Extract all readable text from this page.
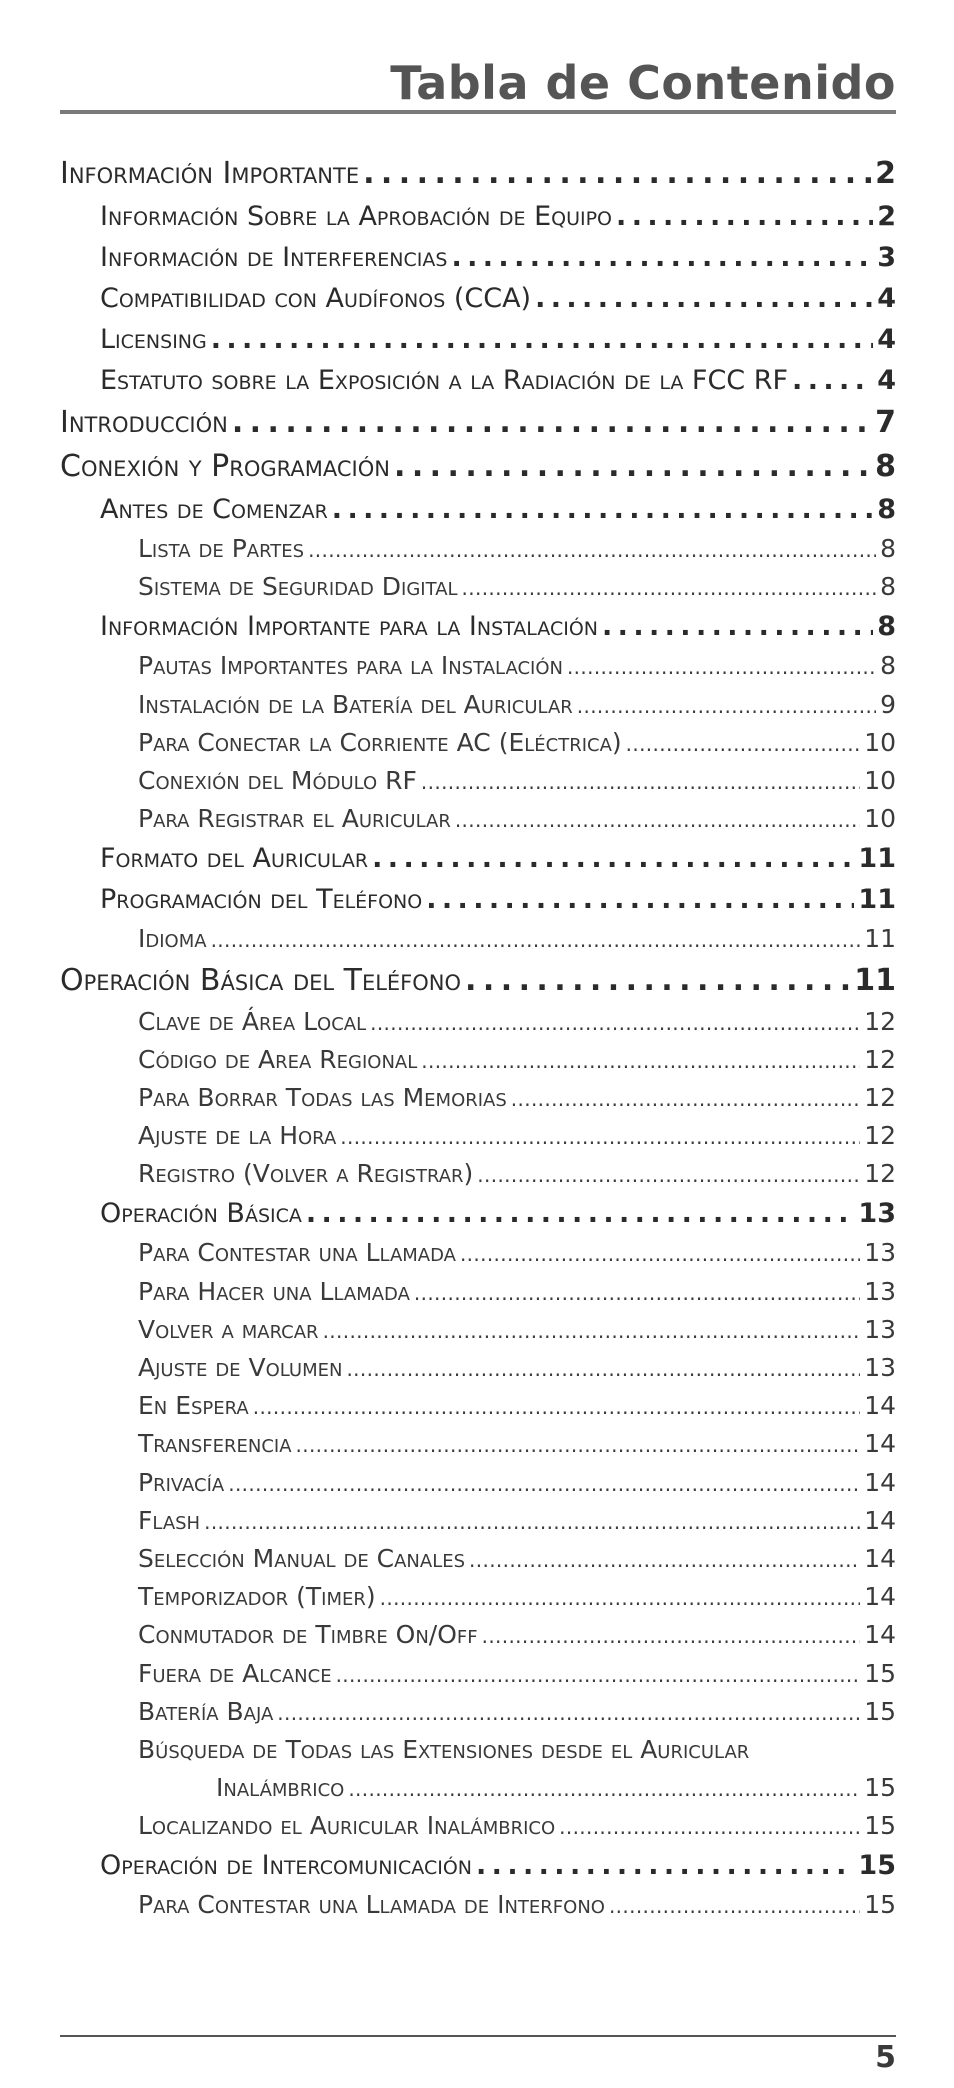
Tabla de Contenido
Información Importante . . .	2
Información Sobre la Aprobación de Equipo . . .	2
Información de Interferencias . . .	3
Compatibilidad con Audífonos (CCA) . . .	4
Licensing . . .	4
Estatuto sobre la Exposición a la Radiación de la FCC RF . . .	4
Introducción . . .	7
Conexión y Programación . . .	8
Antes de Comenzar . . .	8
Lista de Partes . . .	8
Sistema de Seguridad Digital . . .	8
Información Importante para la Instalación . . .	8
Pautas Importantes para la Instalación . . .	8
Instalación de la Batería del Auricular . . .	9
Para Conectar la Corriente AC (Eléctrica) . . .	10
Conexión del Módulo RF . . .	10
Para Registrar el Auricular . . .	10
Formato del Auricular . . .	11
Programación del Teléfono . . .	11
Idioma . . .	11
Operación Básica del Teléfono . . .	11
Clave de Área Local . . .	12
Código de Area Regional . . .	12
Para Borrar Todas las Memorias . . .	12
Ajuste de la Hora . . .	12
Registro (Volver a Registrar) . . .	12
Operación Básica . . .	13
Para Contestar una Llamada . . .	13
Para Hacer una Llamada . . .	13
Volver a marcar . . .	13
Ajuste de Volumen . . .	13
En Espera . . .	14
Transferencia . . .	14
Privacía . . .	14
Flash . . .	14
Selección Manual de Canales . . .	14
Temporizador (Timer) . . .	14
Conmutador de Timbre On/Off . . .	14
Fuera de Alcance . . .	15
Batería Baja . . .	15
Búsqueda de Todas las Extensiones desde el Auricular
Inalámbrico . . .	15
Localizando el Auricular Inalámbrico . . .	15
Operación de Intercomunicación . . .	15
Para Contestar una Llamada de Interfono . . .	15
5
